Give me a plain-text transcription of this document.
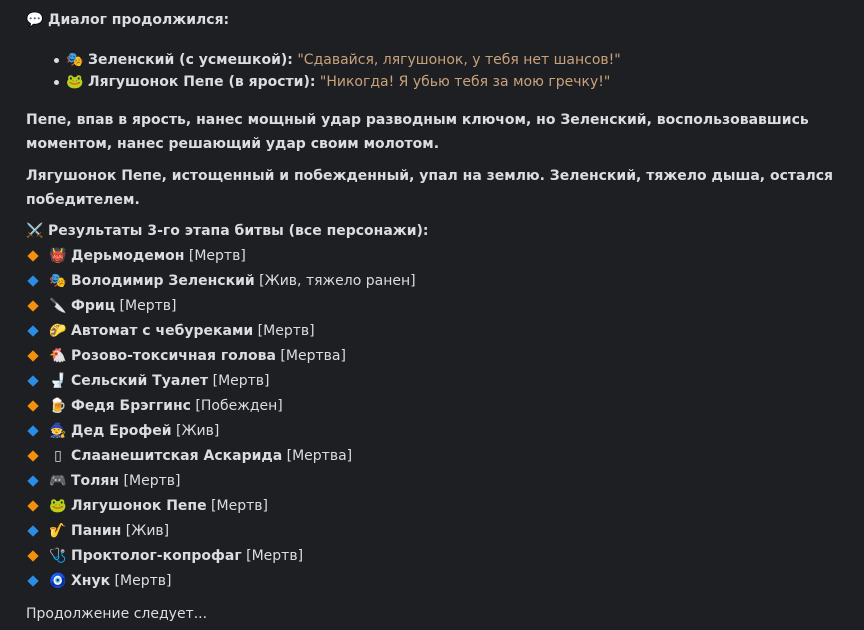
💬 Диалог продолжился:
🎭 Зеленский (с усмешкой): "Сдавайся, лягушонок, у тебя нет шансов!"
🐸 Лягушонок Пепе (в ярости): "Никогда! Я убью тебя за мою гречку!"
Пепе, впав в ярость, нанес мощный удар разводным ключом, но Зеленский, воспользовавшись моментом, нанес решающий удар своим молотом.
Лягушонок Пепе, истощенный и побежденный, упал на землю. Зеленский, тяжело дыша, остался победителем.
⚔️ Результаты 3-го этапа битвы (все персонажи):
👹 Дерьмодемон [Мертв]
🎭 Володимир Зеленский [Жив, тяжело ранен]
🔪 Фриц [Мертв]
🌮 Автомат с чебуреками [Мертв]
🐔 Розово-токсичная голова [Мертва]
🚽 Сельский Туалет [Мертв]
🍺 Федя Брэггинс [Побежден]
🧙 Дед Ерофей [Жив]
▯ Слаанешитская Аскарида [Мертва]
🎮 Толян [Мертв]
🐸 Лягушонок Пепе [Мертв]
🎷 Панин [Жив]
🩺 Проктолог-копрофаг [Мертв]
🧿 Хнук [Мертв]
Продолжение следует...
